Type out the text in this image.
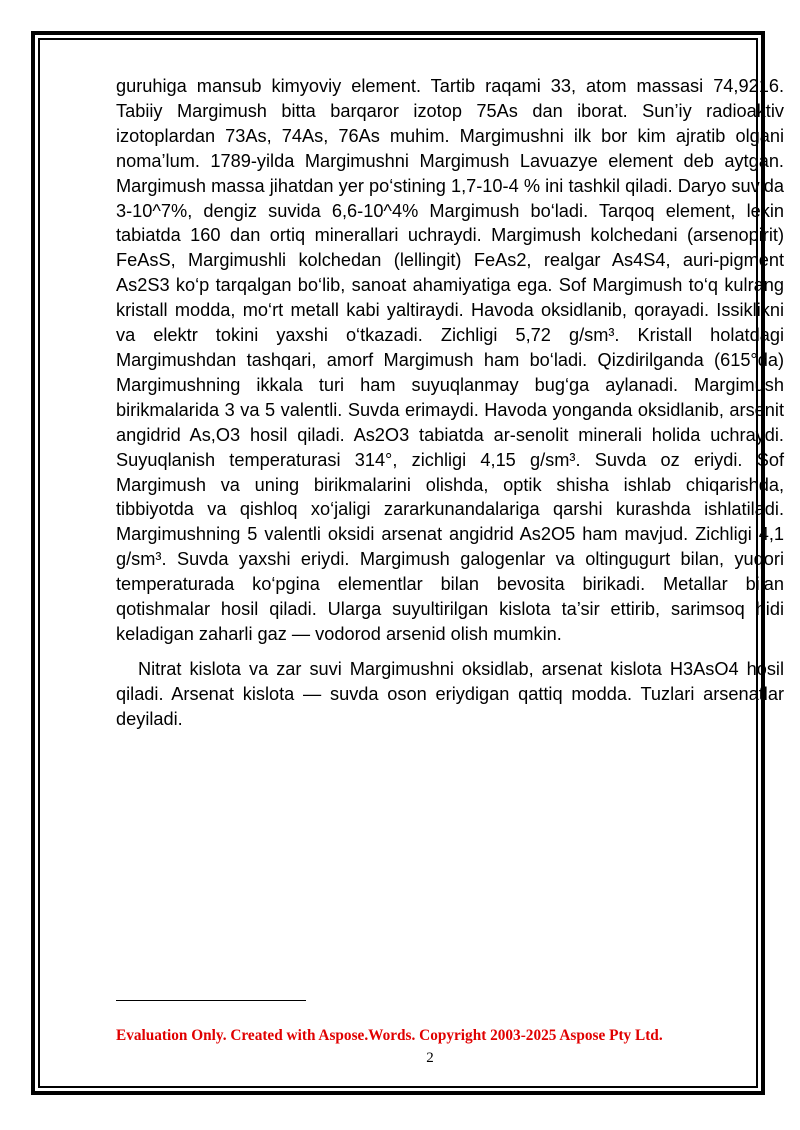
guruhiga mansub kimyoviy element. Tartib raqami 33, atom massasi 74,9216. Tabiiy Margimush bitta barqaror izotop 75As dan iborat. Sun’iy radioaktiv izotoplardan 73As, 74As, 76As muhim. Margimushni ilk bor kim ajratib olgani noma’lum. 1789-yilda Margimushni Margimush Lavuazye element deb aytgan. Margimush massa jihatdan yer po‘stining 1,7-10-4 % ini tashkil qiladi. Daryo suvida 3-10^7%, dengiz suvida 6,6-10^4% Margimush bo‘ladi. Tarqoq element, lekin tabiatda 160 dan ortiq minerallari uchraydi. Margimush kolchedani (arsenopirit) FeAsS, Margimushli kolchedan (lellingit) FeAs2, realgar As4S4, auri-pigment As2S3 ko‘p tarqalgan bo‘lib, sanoat ahamiyatiga ega. Sof Margimush to‘q kulrang kristall modda, mo‘rt metall kabi yaltiraydi. Havoda oksidlanib, qorayadi. Issiklikni va elektr tokini yaxshi o‘tkazadi. Zichligi 5,72 g/sm³. Kristall holatdagi Margimushdan tashqari, amorf Margimush ham bo‘ladi. Qizdirilganda (615°da) Margimushning ikkala turi ham suyuqlanmay bug‘ga aylanadi. Margimush birikmalarida 3 va 5 valentli. Suvda erimaydi. Havoda yonganda oksidlanib, arsenit angidrid As,O3 hosil qiladi. As2O3 tabiatda ar-senolit minerali holida uchraydi. Suyuqlanish temperaturasi 314°, zichligi 4,15 g/sm³. Suvda oz eriydi. Sof Margimush va uning birikmalarini olishda, optik shisha ishlab chiqarishda, tibbiyotda va qishloq xo‘jaligi zararkunandalariga qarshi kurashda ishlatiladi. Margimushning 5 valentli oksidi arsenat angidrid As2O5 ham mavjud. Zichligi 4,1 g/sm³. Suvda yaxshi eriydi. Margimush galogenlar va oltingugurt bilan, yuqori temperaturada ko‘pgina elementlar bilan bevosita birikadi. Metallar bilan qotishmalar hosil qiladi. Ularga suyultirilgan kislota ta’sir ettirib, sarimsoq hidi keladigan zaharli gaz — vodorod arsenid olish mumkin.

Nitrat kislota va zar suvi Margimushni oksidlab, arsenat kislota H3AsO4 hosil qiladi. Arsenat kislota — suvda oson eriydigan qattiq modda. Tuzlari arsenatlar deyiladi.

Evaluation Only. Created with Aspose.Words. Copyright 2003-2025 Aspose Pty Ltd.
2
